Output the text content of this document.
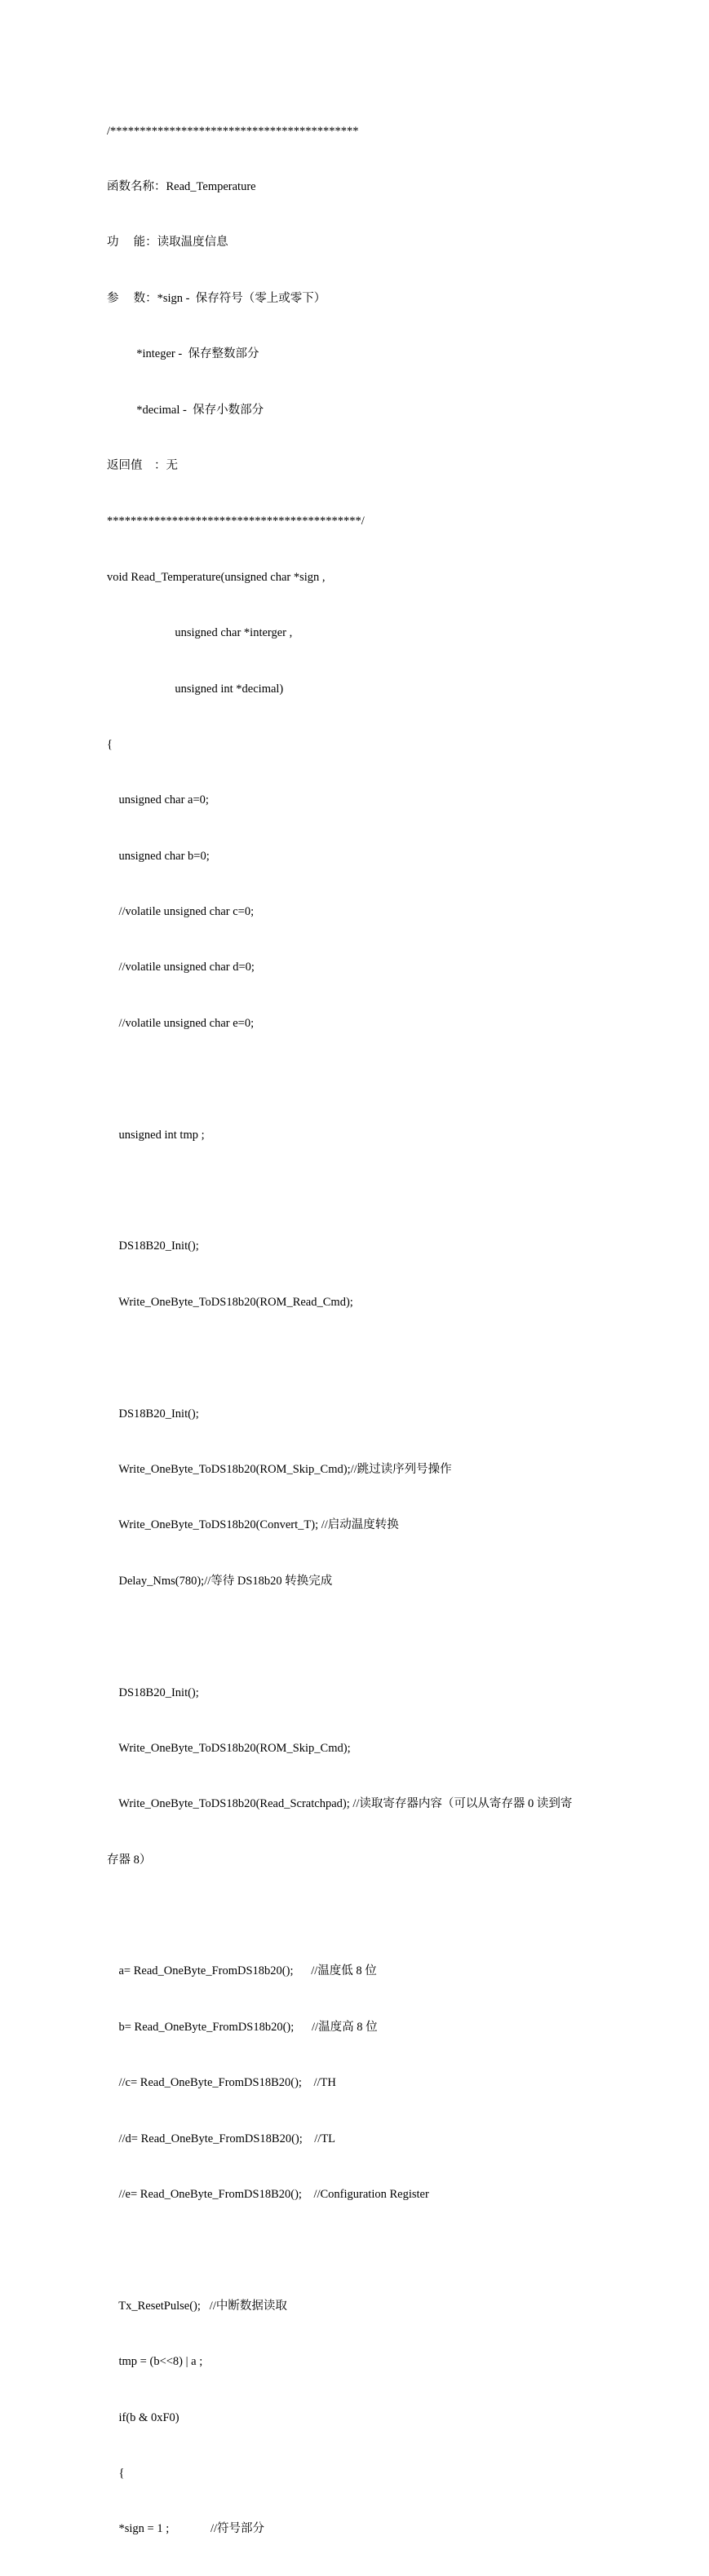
/******************************************

函数名称：Read_Temperature

功　 能：读取温度信息

参　 数：*sign -  保存符号（零上或零下）

*integer -  保存整数部分

*decimal -  保存小数部分

返回值　：无

*******************************************/

void Read_Temperature(unsigned char *sign ,

unsigned char *interger ,

unsigned int *decimal)

{

unsigned char a=0;

unsigned char b=0;

//volatile unsigned char c=0;

//volatile unsigned char d=0;

//volatile unsigned char e=0;

unsigned int tmp ;

DS18B20_Init();

Write_OneByte_ToDS18b20(ROM_Read_Cmd);

DS18B20_Init();

Write_OneByte_ToDS18b20(ROM_Skip_Cmd);//跳过读序列号操作

Write_OneByte_ToDS18b20(Convert_T); //启动温度转换

Delay_Nms(780);//等待 DS18b20 转换完成

DS18B20_Init();

Write_OneByte_ToDS18b20(ROM_Skip_Cmd);

Write_OneByte_ToDS18b20(Read_Scratchpad); //读取寄存器内容（可以从寄存器 0 读到寄

存器 8）

a= Read_OneByte_FromDS18b20();      //温度低 8 位

b= Read_OneByte_FromDS18b20();      //温度高 8 位

//c= Read_OneByte_FromDS18B20();    //TH

//d= Read_OneByte_FromDS18B20();    //TL

//e= Read_OneByte_FromDS18B20();    //Configuration Register

Tx_ResetPulse();   //中断数据读取

tmp = (b<<8) | a ;

if(b & 0xF0)

{

*sign = 1 ;              //符号部分
